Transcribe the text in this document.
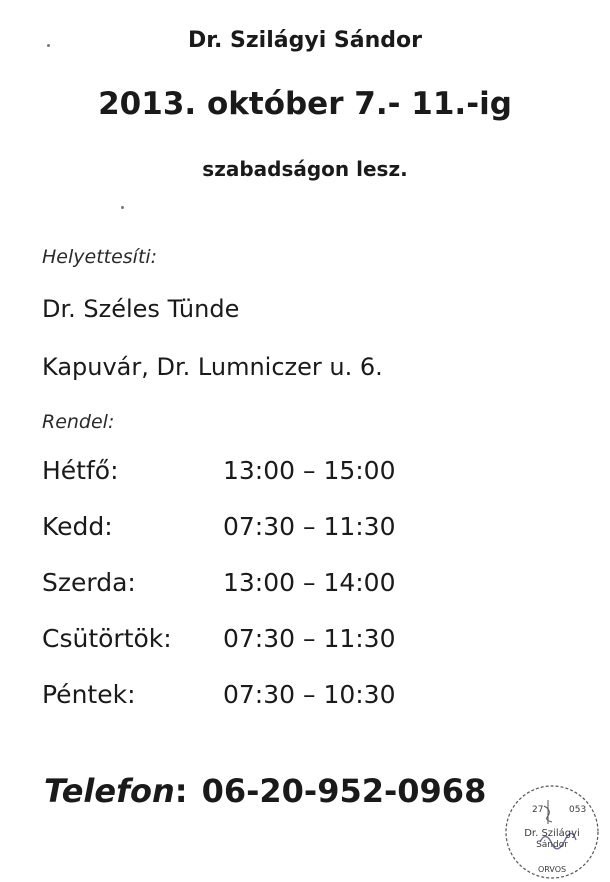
Dr. Szilágyi Sándor
2013. október 7.- 11.-ig
szabadságon lesz.
Helyettesíti:
Dr. Széles Tünde
Kapuvár, Dr. Lumniczer u. 6.
Rendel:
Hétfő:	13:00 – 15:00
Kedd:	07:30 – 11:30
Szerda:	13:00 – 14:00
Csütörtök: 07:30 – 11:30
Péntek:	07:30 – 10:30
Telefon: 06-20-952-0968	27	053
Dr. Szilágyi
Sándor
ORVOS
